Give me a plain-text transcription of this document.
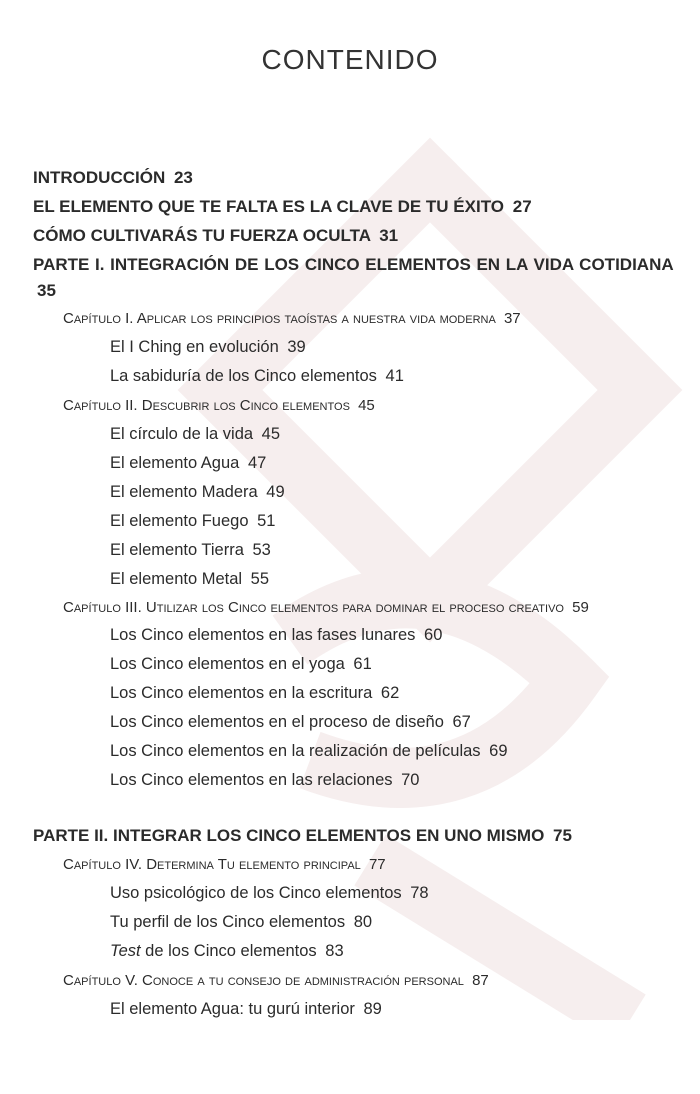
CONTENIDO
INTRODUCCIÓN 23
EL ELEMENTO QUE TE FALTA ES LA CLAVE DE TU ÉXITO 27
CÓMO CULTIVARÁS TU FUERZA OCULTA 31
PARTE I. INTEGRACIÓN DE LOS CINCO ELEMENTOS EN LA VIDA COTIDIANA 35
Capítulo I. Aplicar los principios taoístas a nuestra vida moderna 37
El I Ching en evolución 39
La sabiduría de los Cinco elementos 41
Capítulo II. Descubrir los Cinco elementos 45
El círculo de la vida 45
El elemento Agua 47
El elemento Madera 49
El elemento Fuego 51
El elemento Tierra 53
El elemento Metal 55
Capítulo III. Utilizar los Cinco elementos para dominar el proceso creativo 59
Los Cinco elementos en las fases lunares 60
Los Cinco elementos en el yoga 61
Los Cinco elementos en la escritura 62
Los Cinco elementos en el proceso de diseño 67
Los Cinco elementos en la realización de películas 69
Los Cinco elementos en las relaciones 70
PARTE II. INTEGRAR LOS CINCO ELEMENTOS EN UNO MISMO 75
Capítulo IV. Determina Tu elemento principal 77
Uso psicológico de los Cinco elementos 78
Tu perfil de los Cinco elementos 80
Test de los Cinco elementos 83
Capítulo V. Conoce a tu consejo de administración personal 87
El elemento Agua: tu gurú interior 89
